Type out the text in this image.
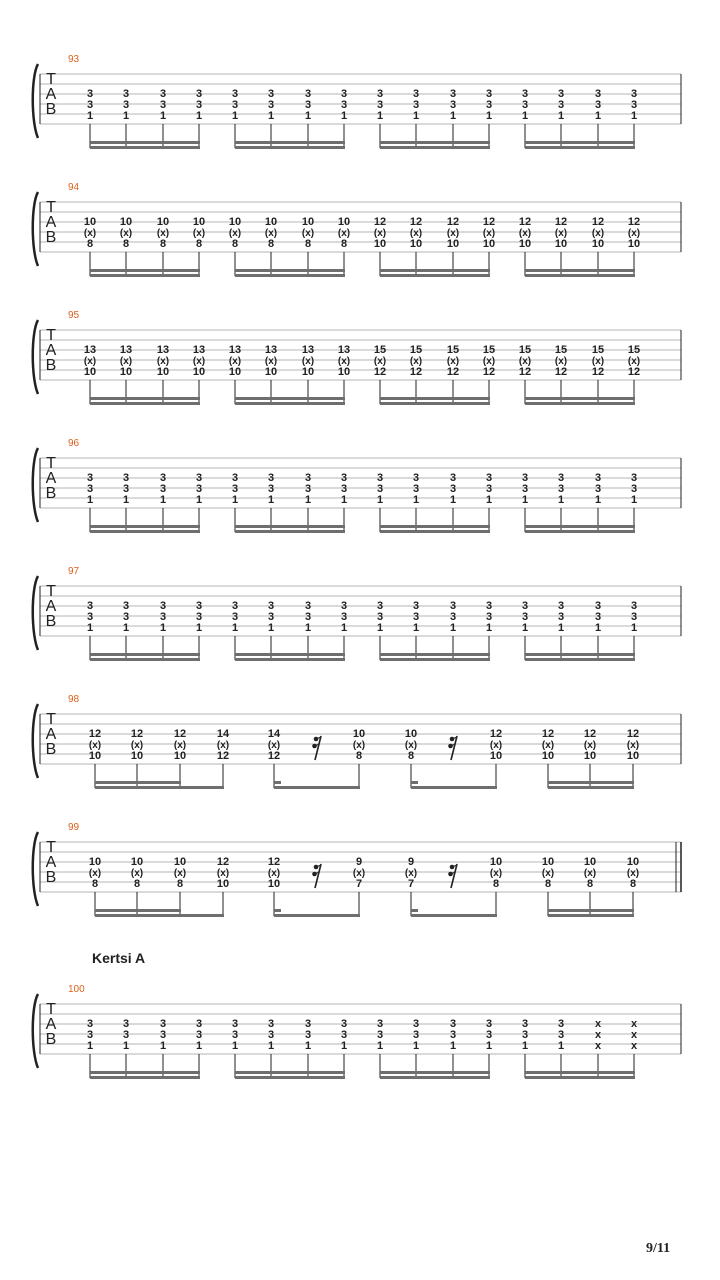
93
T
A
B
3
3
1
3
3
1
3
3
1
3
3
1
3
3
1
3
3
1
3
3
1
3
3
1
3
3
1
3
3
1
3
3
1
3
3
1
3
3
1
3
3
1
3
3
1
3
3
1
94
T
A
B
10
(x)
8
10
(x)
8
10
(x)
8
10
(x)
8
10
(x)
8
10
(x)
8
10
(x)
8
10
(x)
8
12
(x)
10
12
(x)
10
12
(x)
10
12
(x)
10
12
(x)
10
12
(x)
10
12
(x)
10
12
(x)
10
95
T
A
B
13
(x)
10
13
(x)
10
13
(x)
10
13
(x)
10
13
(x)
10
13
(x)
10
13
(x)
10
13
(x)
10
15
(x)
12
15
(x)
12
15
(x)
12
15
(x)
12
15
(x)
12
15
(x)
12
15
(x)
12
15
(x)
12
96
T
A
B
3
3
1
3
3
1
3
3
1
3
3
1
3
3
1
3
3
1
3
3
1
3
3
1
3
3
1
3
3
1
3
3
1
3
3
1
3
3
1
3
3
1
3
3
1
3
3
1
97
T
A
B
3
3
1
3
3
1
3
3
1
3
3
1
3
3
1
3
3
1
3
3
1
3
3
1
3
3
1
3
3
1
3
3
1
3
3
1
3
3
1
3
3
1
3
3
1
3
3
1
98
T
A
B
12
(x)
10
12
(x)
10
12
(x)
10
14
(x)
12
14
(x)
12
10
(x)
8
10
(x)
8
12
(x)
10
12
(x)
10
12
(x)
10
12
(x)
10
99
T
A
B
10
(x)
8
10
(x)
8
10
(x)
8
12
(x)
10
12
(x)
10
9
(x)
7
9
(x)
7
10
(x)
8
10
(x)
8
10
(x)
8
10
(x)
8
100
T
A
B
3
3
1
3
3
1
3
3
1
3
3
1
3
3
1
3
3
1
3
3
1
3
3
1
3
3
1
3
3
1
3
3
1
3
3
1
3
3
1
3
3
1
x
x
x
x
x
x
Kertsi A
9/11
